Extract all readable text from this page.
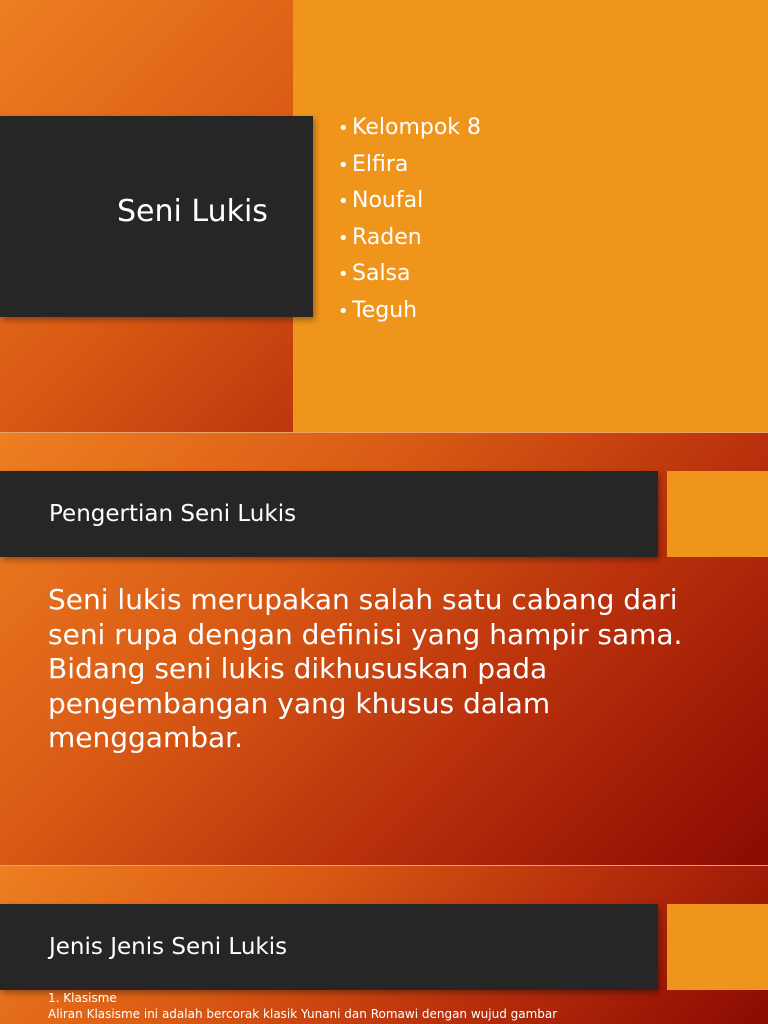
Seni Lukis
• Kelompok 8
• Elfira
• Noufal
• Raden
• Salsa
• Teguh
Pengertian Seni Lukis

Seni lukis merupakan salah satu cabang dari seni rupa dengan definisi yang hampir sama. Bidang seni lukis dikhususkan pada pengembangan yang khusus dalam menggambar.

Jenis Jenis Seni Lukis

1. Klasisme
Aliran Klasisme ini adalah bercorak klasik Yunani dan Romawi dengan wujud gambar
